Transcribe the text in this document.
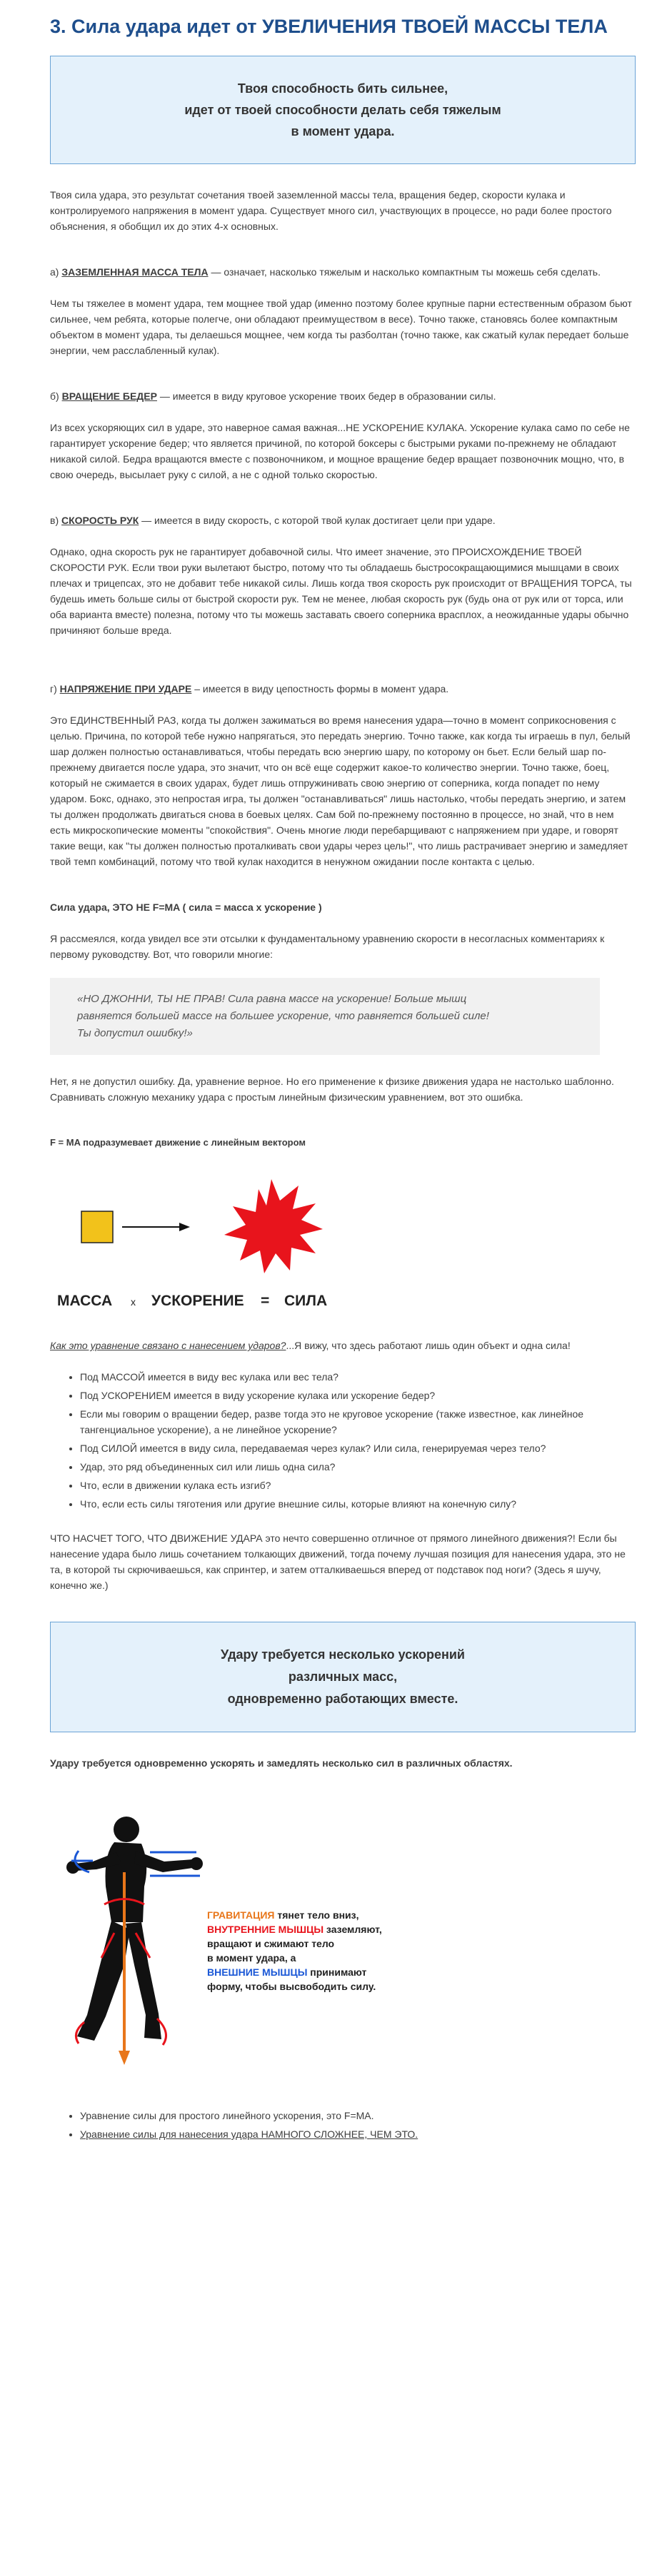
3. Сила удара идет от УВЕЛИЧЕНИЯ ТВОЕЙ МАССЫ ТЕЛА
Твоя способность бить сильнее,
идет от твоей способности делать себя тяжелым
в момент удара.

Твоя сила удара, это результат сочетания твоей заземленной массы тела, вращения бедер, скорости кулака и контролируемого напряжения в момент удара. Существует много сил, участвующих в процессе, но ради более простого объяснения, я обобщил их до этих 4-х основных.

а) ЗАЗЕМЛЕННАЯ МАССА ТЕЛА — означает, насколько тяжелым и насколько компактным ты можешь себя сделать.

Чем ты тяжелее в момент удара, тем мощнее твой удар (именно поэтому более крупные парни естественным образом бьют сильнее, чем ребята, которые полегче, они обладают преимуществом в весе). Точно также, становясь более компактным объектом в момент удара, ты делаешься мощнее, чем когда ты разболтан (точно также, как сжатый кулак передает больше энергии, чем расслабленный кулак).

б) ВРАЩЕНИЕ БЕДЕР — имеется в виду круговое ускорение твоих бедер в образовании силы.

Из всех ускоряющих сил в ударе, это наверное самая важная...НЕ УСКОРЕНИЕ КУЛАКА. Ускорение кулака само по себе не гарантирует ускорение бедер; что является причиной, по которой боксеры с быстрыми руками по-прежнему не обладают никакой силой. Бедра вращаются вместе с позвоночником, и мощное вращение бедер вращает позвоночник мощно, что, в свою очередь, высылает руку с силой, а не с одной только скоростью.

в) СКОРОСТЬ РУК — имеется в виду скорость, с которой твой кулак достигает цели при ударе.

Однако, одна скорость рук не гарантирует добавочной силы. Что имеет значение, это ПРОИСХОЖДЕНИЕ ТВОЕЙ СКОРОСТИ РУК. Если твои руки вылетают быстро, потому что ты обладаешь быстросокращающимися мышцами в своих плечах и трицепсах, это не добавит тебе никакой силы. Лишь когда твоя скорость рук происходит от ВРАЩЕНИЯ ТОРСА, ты будешь иметь больше силы от быстрой скорости рук. Тем не менее, любая скорость рук (будь она от рук или от торса, или оба варианта вместе) полезна, потому что ты можешь заставать своего соперника врасплох, а неожиданные удары обычно причиняют больше вреда.

г) НАПРЯЖЕНИЕ ПРИ УДАРЕ – имеется в виду цепостность формы в момент удара.

Это ЕДИНСТВЕННЫЙ РАЗ, когда ты должен зажиматься во время нанесения удара—точно в момент соприкосновения с целью. Причина, по которой тебе нужно напрягаться, это передать энергию. Точно также, как когда ты играешь в пул, белый шар должен полностью останавливаться, чтобы передать всю энергию шару, по которому он бьет. Если белый шар по-прежнему двигается после удара, это значит, что он всё еще содержит какое-то количество энергии. Точно также, боец, который не сжимается в своих ударах, будет лишь отпружинивать свою энергию от соперника, когда попадет по нему ударом. Бокс, однако, это непростая игра, ты должен "останавливаться" лишь настолько, чтобы передать энергию, и затем ты должен продолжать двигаться снова в боевых целях. Сам бой по-прежнему постоянно в процессе, но знай, что в нем есть микроскопические моменты "спокойствия". Очень многие люди перебарщивают с напряжением при ударе, и говорят такие вещи, как "ты должен полностью проталкивать свои удары через цель!", что лишь растрачивает энергию и замедляет твой темп комбинаций, потому что твой кулак находится в ненужном ожидании после контакта с целью.

Сила удара, ЭТО НЕ F=MA ( сила = масса х ускорение )

Я рассмеялся, когда увидел все эти отсылки к фундаментальному уравнению скорости в несогласных комментариях к первому руководству. Вот, что говорили многие:

«НО ДЖОННИ, ТЫ НЕ ПРАВ! Сила равна массе на ускорение! Больше мышц
равняется большей массе на большее ускорение, что равняется большей силе!
Ты допустил ошибку!»

Нет, я не допустил ошибку. Да, уравнение верное. Но его применение к физике движения удара не настолько шаблонно. Сравнивать сложную механику удара с простым линейным физическим уравнением, вот это ошибка.

F = MA подразумевает движение с линейным вектором

МАССА x УСКОРЕНИЕ = СИЛА

Как это уравнение связано с нанесением ударов?...Я вижу, что здесь работают лишь один объект и одна сила!

• Под МАССОЙ имеется в виду вес кулака или вес тела?
• Под УСКОРЕНИЕМ имеется в виду ускорение кулака или ускорение бедер?
• Если мы говорим о вращении бедер, разве тогда это не круговое ускорение (также известное, как линейное тангенциальное ускорение), а не линейное ускорение?
• Под СИЛОЙ имеется в виду сила, передаваемая через кулак? Или сила, генерируемая через тело?
• Удар, это ряд объединенных сил или лишь одна сила?
• Что, если в движении кулака есть изгиб?
• Что, если есть силы тяготения или другие внешние силы, которые влияют на конечную силу?

ЧТО НАСЧЕТ ТОГО, ЧТО ДВИЖЕНИЕ УДАРА это нечто совершенно отличное от прямого линейного движения?! Если бы нанесение удара было лишь сочетанием толкающих движений, тогда почему лучшая позиция для нанесения удара, это не та, в которой ты скрючиваешься, как спринтер, и затем отталкиваешься вперед от подставок под ноги? (Здесь я шучу, конечно же.)

Удару требуется несколько ускорений
различных масс,
одновременно работающих вместе.

Удару требуется одновременно ускорять и замедлять несколько сил в различных областях.

ГРАВИТАЦИЯ тянет тело вниз,
ВНУТРЕННИЕ МЫШЦЫ заземляют,
вращают и сжимают тело
в момент удара, а
ВНЕШНИЕ МЫШЦЫ принимают
форму, чтобы высвободить силу.
• Уравнение силы для простого линейного ускорения, это F=MA.
• Уравнение силы для нанесения удара НАМНОГО СЛОЖНЕЕ, ЧЕМ ЭТО.
